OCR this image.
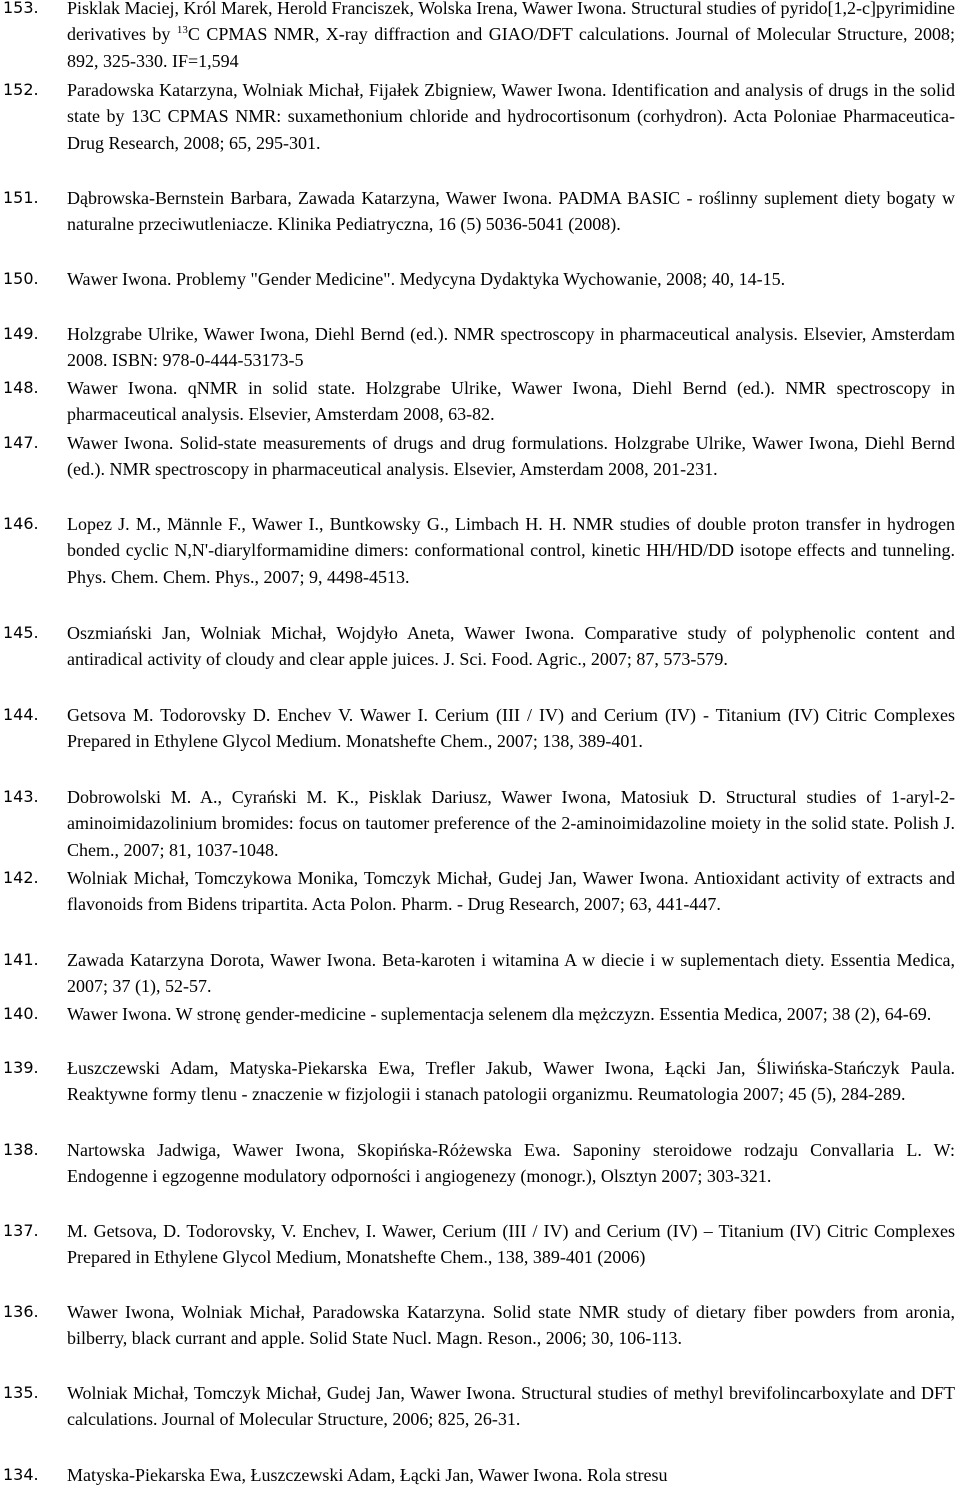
153. Pisklak Maciej, Król Marek, Herold Franciszek, Wolska Irena, Wawer Iwona. Structural studies of pyrido[1,2-c]pyrimidine derivatives by $^{13}$C CPMAS NMR, X-ray diffraction and GIAO/DFT calculations. Journal of Molecular Structure, 2008; 892, 325-330. IF=1,594

152. Paradowska Katarzyna, Wolniak Michał, Fijałek Zbigniew, Wawer Iwona. Identification and analysis of drugs in the solid state by 13C CPMAS NMR: suxamethonium chloride and hydrocortisonum (corhydron). Acta Poloniae Pharmaceutica-Drug Research, 2008; 65, 295-301.

151. Dąbrowska-Bernstein Barbara, Zawada Katarzyna, Wawer Iwona. PADMA BASIC - roślinny suplement diety bogaty w naturalne przeciwutleniacze. Klinika Pediatryczna, 16 (5) 5036-5041 (2008).

150. Wawer Iwona. Problemy "Gender Medicine". Medycyna Dydaktyka Wychowanie, 2008; 40, 14-15.

149. Holzgrabe Ulrike, Wawer Iwona, Diehl Bernd (ed.). NMR spectroscopy in pharmaceutical analysis. Elsevier, Amsterdam 2008. ISBN: 978-0-444-53173-5

148. Wawer Iwona. qNMR in solid state. Holzgrabe Ulrike, Wawer Iwona, Diehl Bernd (ed.). NMR spectroscopy in pharmaceutical analysis. Elsevier, Amsterdam 2008, 63-82.

147. Wawer Iwona. Solid-state measurements of drugs and drug formulations. Holzgrabe Ulrike, Wawer Iwona, Diehl Bernd (ed.). NMR spectroscopy in pharmaceutical analysis. Elsevier, Amsterdam 2008, 201-231.

146. Lopez J. M., Männle F., Wawer I., Buntkowsky G., Limbach H. H. NMR studies of double proton transfer in hydrogen bonded cyclic N,N'-diarylformamidine dimers: conformational control, kinetic HH/HD/DD isotope effects and tunneling. Phys. Chem. Chem. Phys., 2007; 9, 4498-4513.

145. Oszmiański Jan, Wolniak Michał, Wojdyło Aneta, Wawer Iwona. Comparative study of polyphenolic content and antiradical activity of cloudy and clear apple juices. J. Sci. Food. Agric., 2007; 87, 573-579.

144. Getsova M. Todorovsky D. Enchev V. Wawer I. Cerium (III / IV) and Cerium (IV) - Titanium (IV) Citric Complexes Prepared in Ethylene Glycol Medium. Monatshefte Chem., 2007; 138, 389-401.

143. Dobrowolski M. A., Cyrański M. K., Pisklak Dariusz, Wawer Iwona, Matosiuk D. Structural studies of 1-aryl-2-aminoimidazolinium bromides: focus on tautomer preference of the 2-aminoimidazoline moiety in the solid state. Polish J. Chem., 2007; 81, 1037-1048.

142. Wolniak Michał, Tomczykowa Monika, Tomczyk Michał, Gudej Jan, Wawer Iwona. Antioxidant activity of extracts and flavonoids from Bidens tripartita. Acta Polon. Pharm. - Drug Research, 2007; 63, 441-447.

141. Zawada Katarzyna Dorota, Wawer Iwona. Beta-karoten i witamina A w diecie i w suplementach diety. Essentia Medica, 2007; 37 (1), 52-57.

140. Wawer Iwona. W stronę gender-medicine - suplementacja selenem dla mężczyzn. Essentia Medica, 2007; 38 (2), 64-69.

139. Łuszczewski Adam, Matyska-Piekarska Ewa, Trefler Jakub, Wawer Iwona, Łącki Jan, Śliwińska-Stańczyk Paula. Reaktywne formy tlenu - znaczenie w fizjologii i stanach patologii organizmu. Reumatologia 2007; 45 (5), 284-289.

138. Nartowska Jadwiga, Wawer Iwona, Skopińska-Różewska Ewa. Saponiny steroidowe rodzaju Convallaria L. W: Endogenne i egzogenne modulatory odporności i angiogenezy (monogr.), Olsztyn 2007; 303-321.

137. M. Getsova, D. Todorovsky, V. Enchev, I. Wawer, Cerium (III / IV) and Cerium (IV) – Titanium (IV) Citric Complexes Prepared in Ethylene Glycol Medium, Monatshefte Chem., 138, 389-401 (2006)

136. Wawer Iwona, Wolniak Michał, Paradowska Katarzyna. Solid state NMR study of dietary fiber powders from aronia, bilberry, black currant and apple. Solid State Nucl. Magn. Reson., 2006; 30, 106-113.

135. Wolniak Michał, Tomczyk Michał, Gudej Jan, Wawer Iwona. Structural studies of methyl brevifolincarboxylate and DFT calculations. Journal of Molecular Structure, 2006; 825, 26-31.

134. Matyska-Piekarska Ewa, Łuszczewski Adam, Łącki Jan, Wawer Iwona. Rola stresu
